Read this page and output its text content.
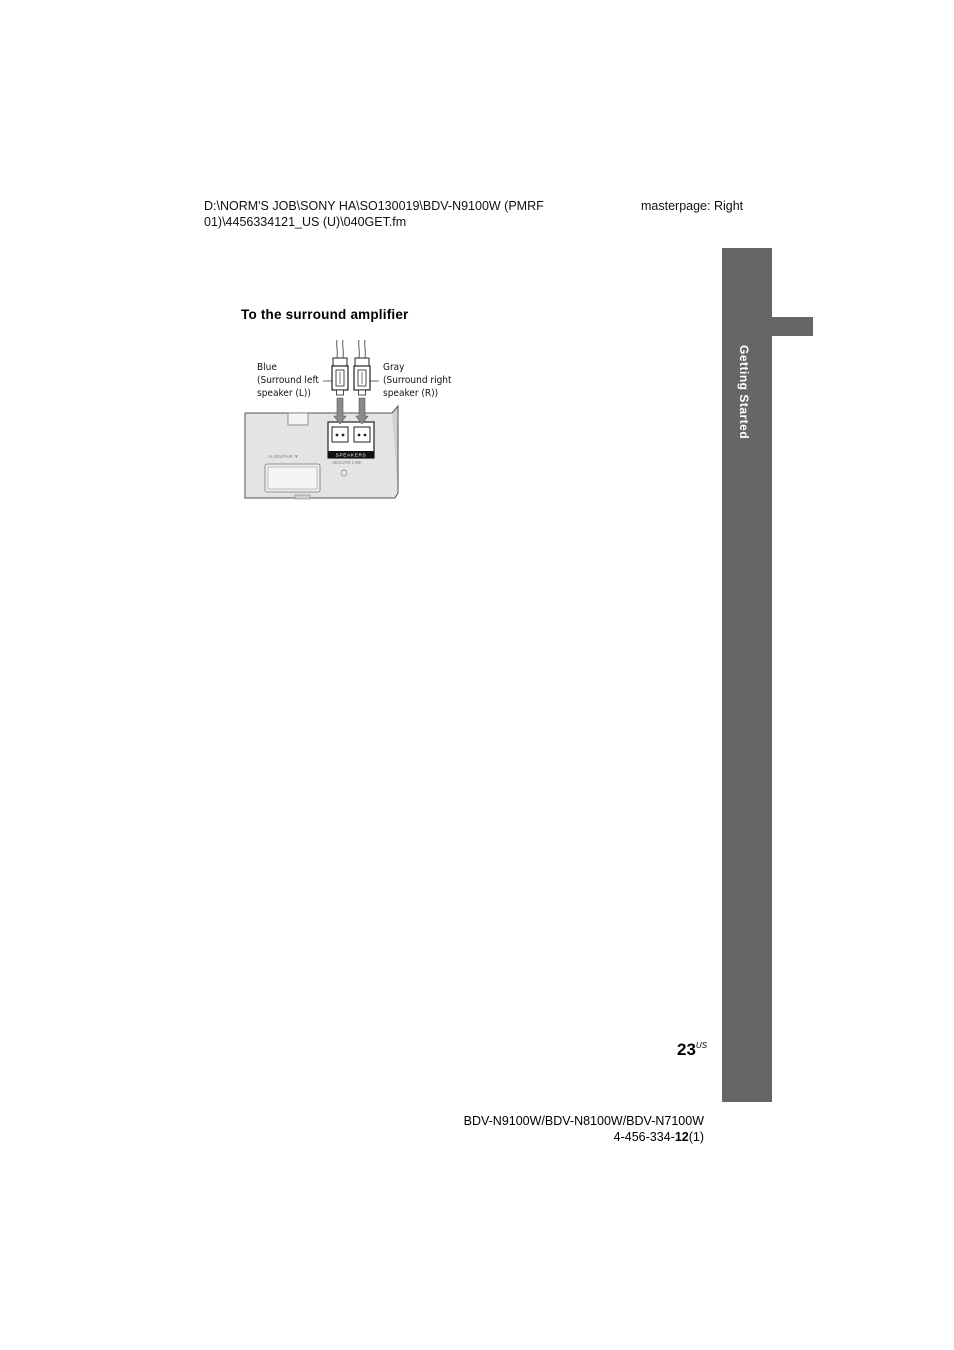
D:\NORM'S JOB\SONY HA\SO130019\BDV-N9100W (PMRF 01)\4456334121_US (U)\040GET.fm
masterpage: Right
Getting Started
To the surround amplifier
Blue
(Surround left
speaker (L))
Gray
(Surround right
speaker (R))
ALIGN/PAIR ▼
SECURE LINK
SPEAKERS
$23^{US}$
BDV-N9100W/BDV-N8100W/BDV-N7100W
4-456-334-12(1)
